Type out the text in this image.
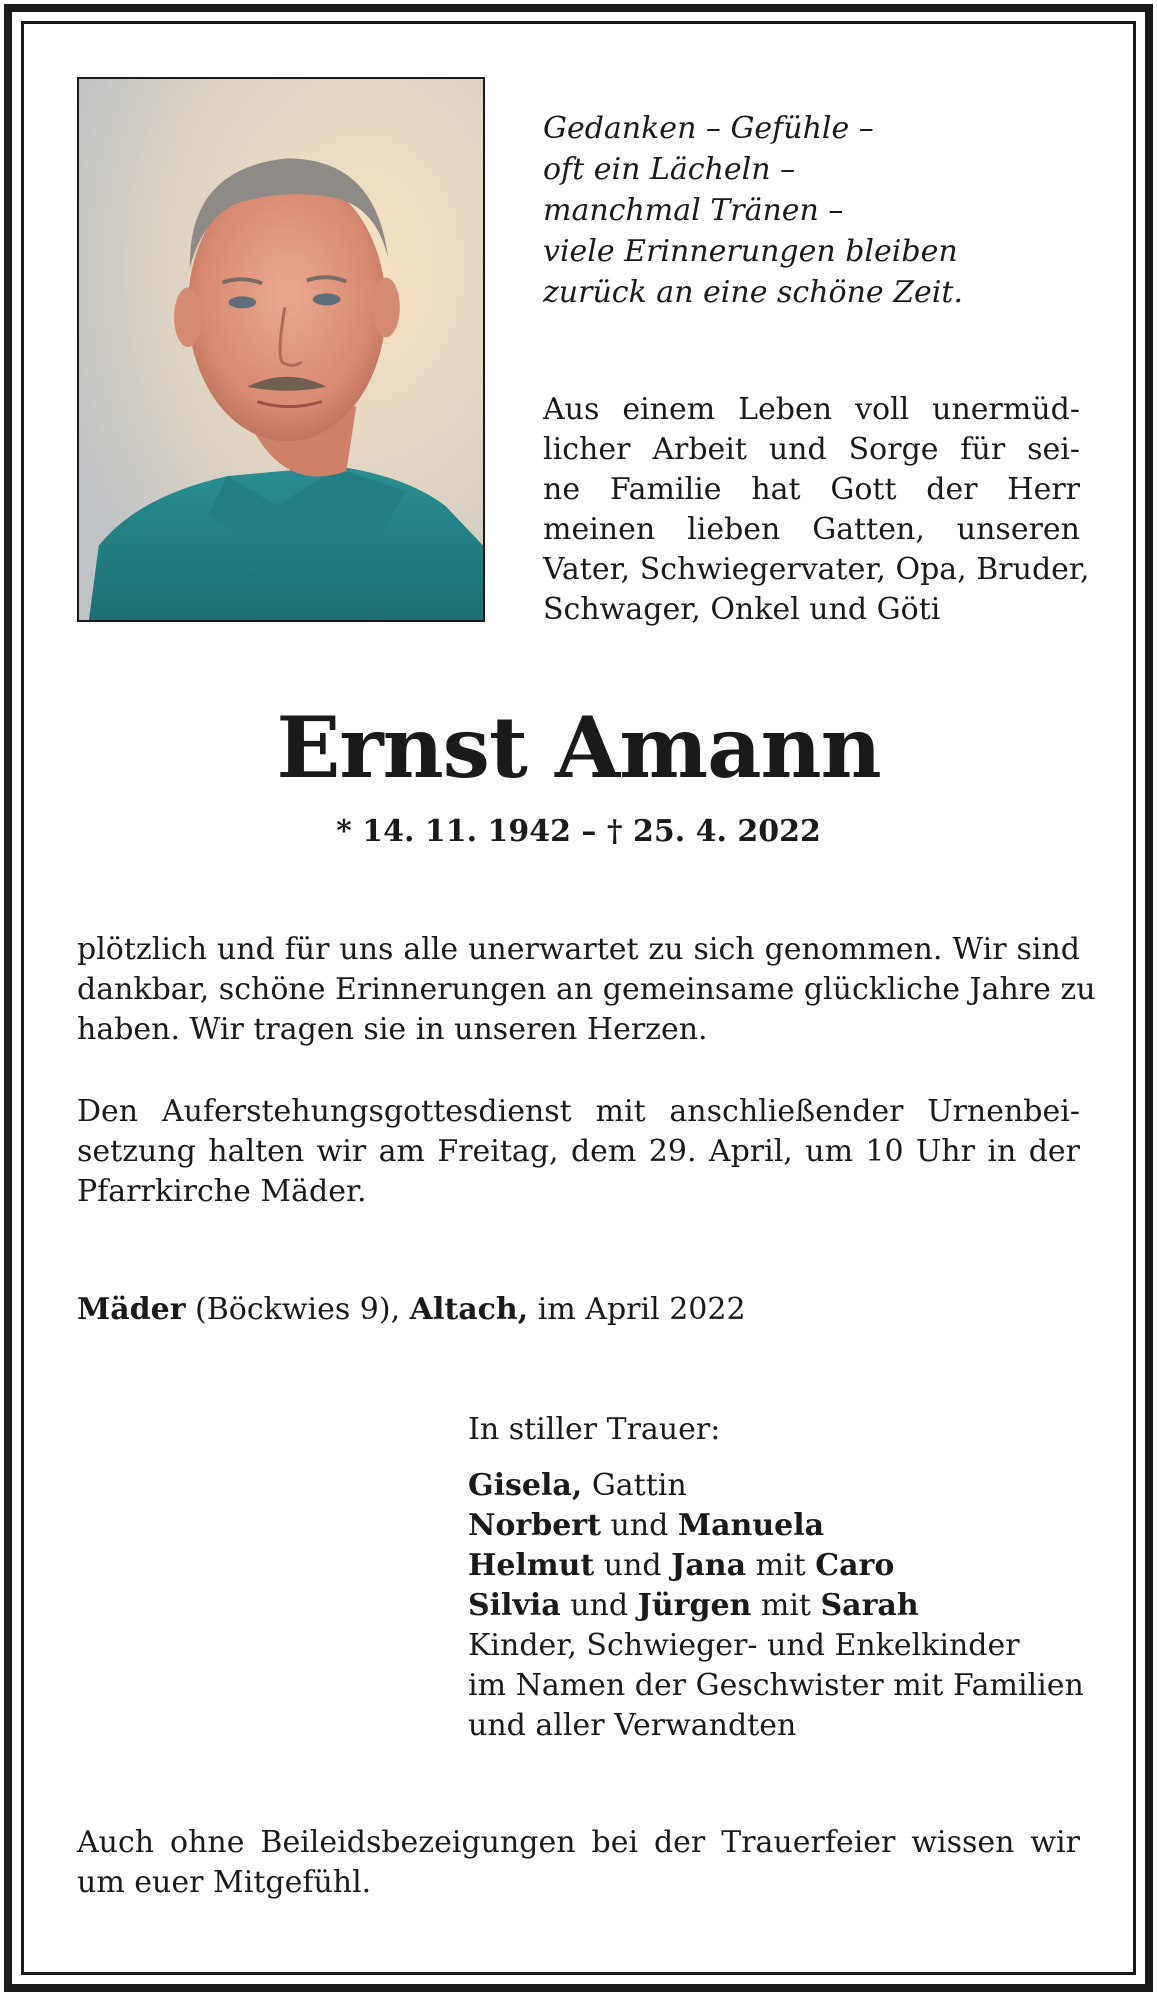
Gedanken – Gefühle –
oft ein Lächeln –
manchmal Tränen –
viele Erinnerungen bleiben
zurück an eine schöne Zeit.
Aus einem Leben voll unermüd-
licher Arbeit und Sorge für sei-
ne Familie hat Gott der Herr
meinen lieben Gatten, unseren
Vater, Schwiegervater, Opa, Bruder,
Schwager, Onkel und Göti
Ernst Amann
* 14. 11. 1942 – † 25. 4. 2022
plötzlich und für uns alle unerwartet zu sich genommen. Wir sind
dankbar, schöne Erinnerungen an gemeinsame glückliche Jahre zu
haben. Wir tragen sie in unseren Herzen.
Den Auferstehungsgottesdienst mit anschließender Urnenbei-
setzung halten wir am Freitag, dem 29. April, um 10 Uhr in der
Pfarrkirche Mäder.
Mäder (Böckwies 9), Altach, im April 2022
In stiller Trauer:
Gisela, Gattin
Norbert und Manuela
Helmut und Jana mit Caro
Silvia und Jürgen mit Sarah
Kinder, Schwieger- und Enkelkinder
im Namen der Geschwister mit Familien
und aller Verwandten
Auch ohne Beileidsbezeigungen bei der Trauerfeier wissen wir
um euer Mitgefühl.
